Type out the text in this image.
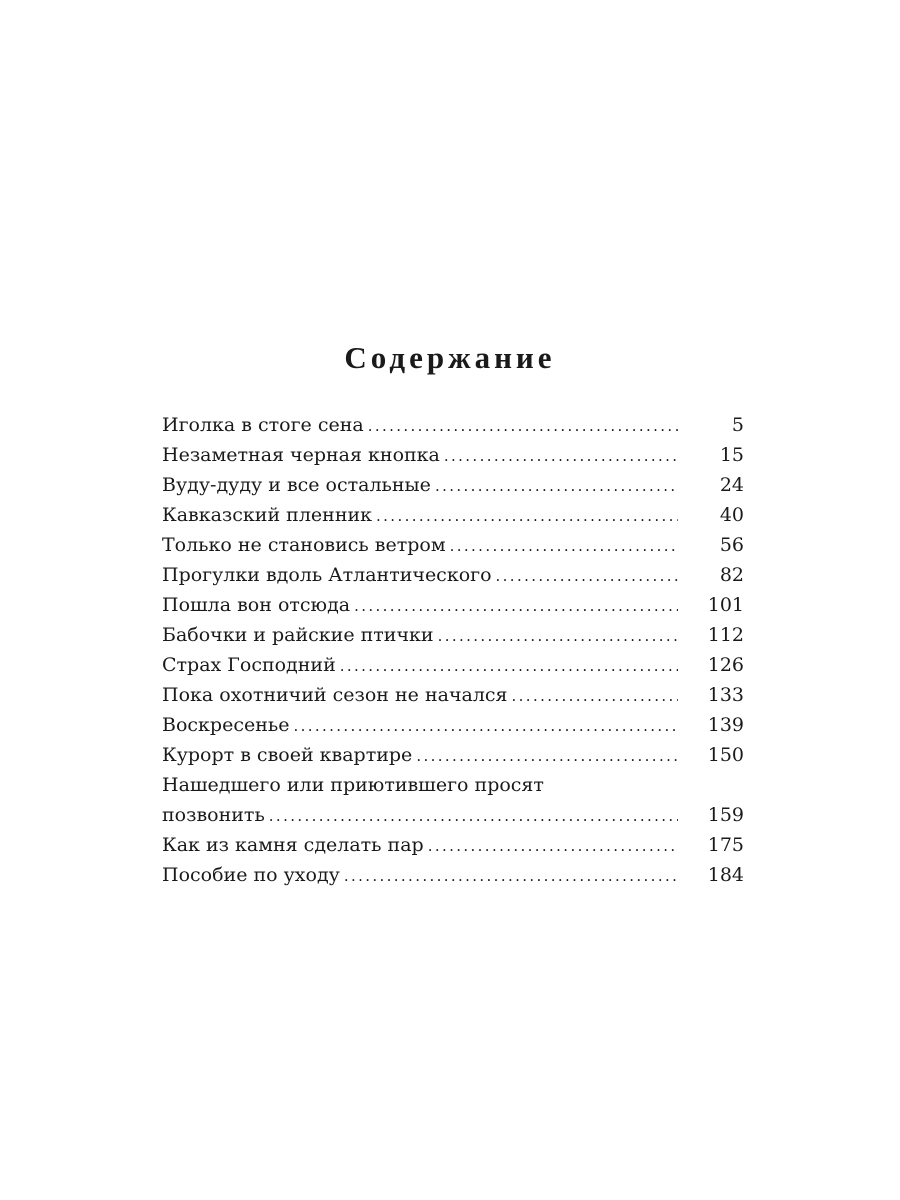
Содержание
Иголка в стоге сена . . .	5
Незаметная черная кнопка . . .	15
Вуду-дуду и все остальные . . .	24
Кавказский пленник . . .	40
Только не становись ветром . . .	56
Прогулки вдоль Атлантического . . .	82
Пошла вон отсюда . . .	101
Бабочки и райские птички . . .	112
Страх Господний . . .	126
Пока охотничий сезон не начался . . .	133
Воскресенье . . .	139
Курорт в своей квартире . . .	150
Нашедшего или приютившего просят
позвонить . . .	159
Как из камня сделать пар . . .	175
Пособие по уходу . . .	184
